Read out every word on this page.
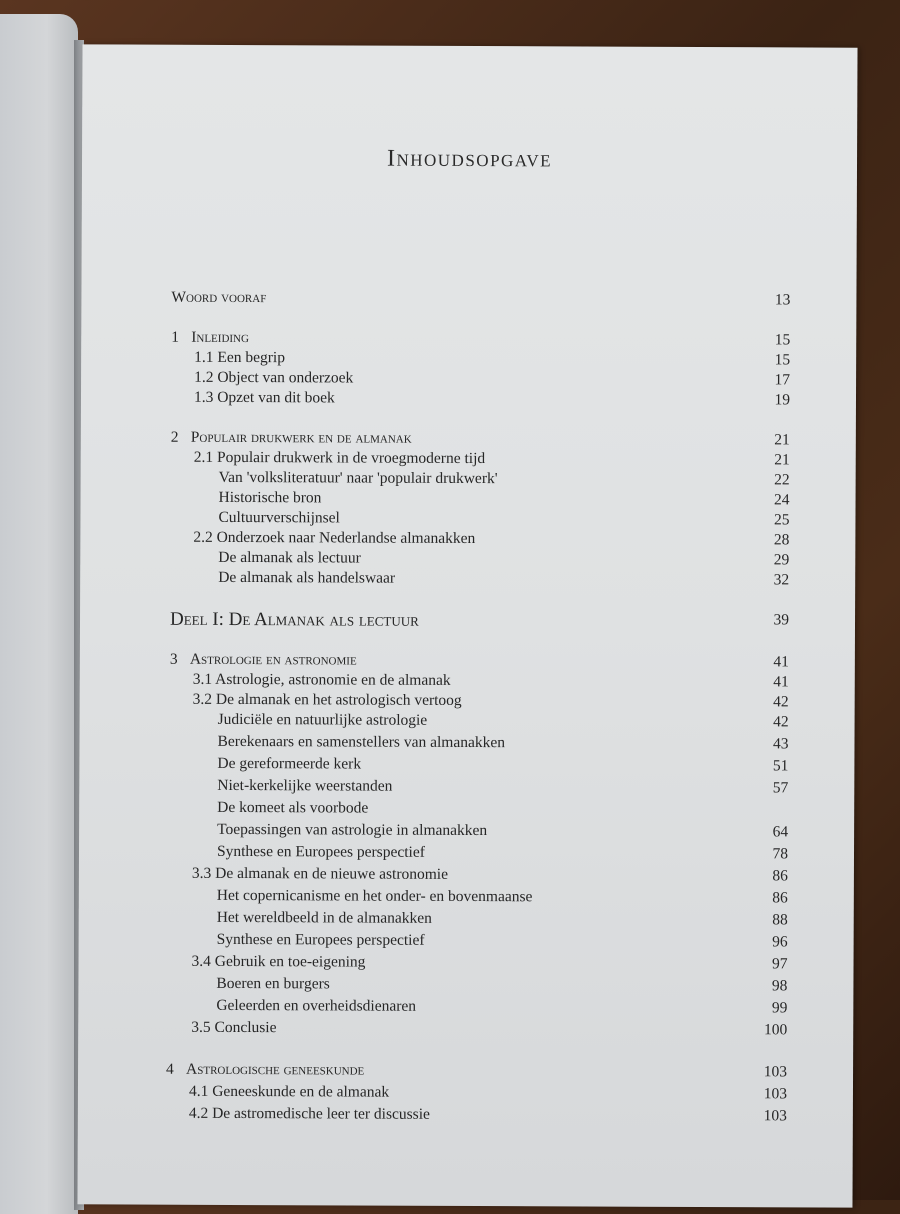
Inhoudsopgave
Woord vooraf	13
1 Inleiding	15
1.1 Een begrip	15
1.2 Object van onderzoek	17
1.3 Opzet van dit boek	19
2 Populair drukwerk en de almanak	21
2.1 Populair drukwerk in de vroegmoderne tijd	21
Van 'volksliteratuur' naar 'populair drukwerk'	22
Historische bron	24
Cultuurverschijnsel	25
2.2 Onderzoek naar Nederlandse almanakken	28
De almanak als lectuur	29
De almanak als handelswaar	32
Deel I: De Almanak als lectuur	39
3 Astrologie en astronomie	41
3.1 Astrologie, astronomie en de almanak	41
3.2 De almanak en het astrologisch vertoog	42
Judiciële en natuurlijke astrologie	42
Berekenaars en samenstellers van almanakken	43
De gereformeerde kerk	51
Niet-kerkelijke weerstanden	57
De komeet als voorbode
Toepassingen van astrologie in almanakken	64
Synthese en Europees perspectief	78
3.3 De almanak en de nieuwe astronomie	86
Het copernicanisme en het onder- en bovenmaanse	86
Het wereldbeeld in de almanakken	88
Synthese en Europees perspectief	96
3.4 Gebruik en toe-eigening	97
Boeren en burgers	98
Geleerden en overheidsdienaren	99
3.5 Conclusie	100
4 Astrologische geneeskunde	103
4.1 Geneeskunde en de almanak	103
4.2 De astromedische leer ter discussie	103
